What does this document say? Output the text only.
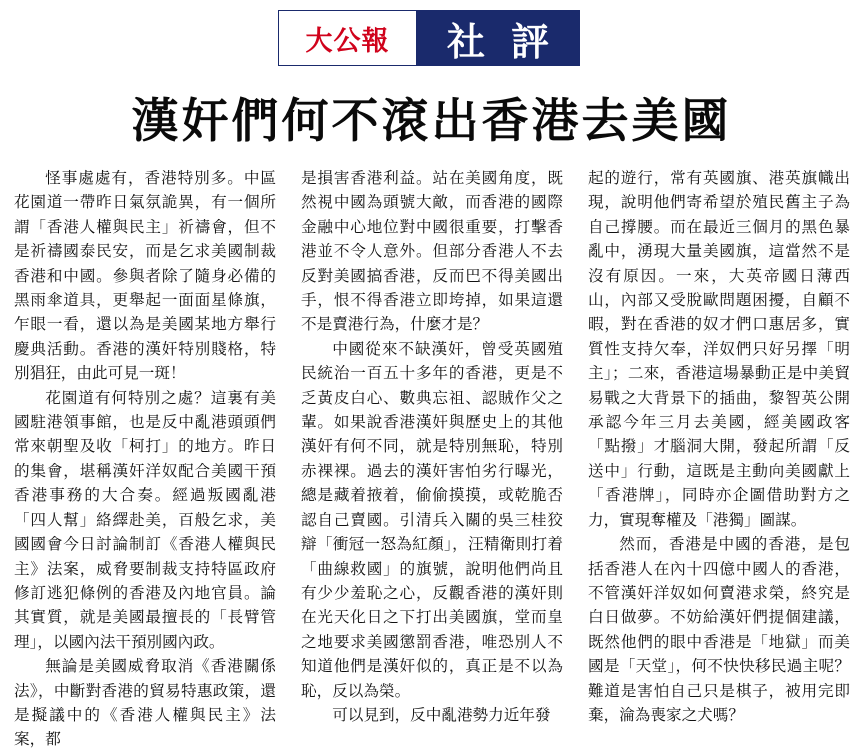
大公報	社評
漢奸們何不滾出香港去美國

怪事處處有，香港特別多。中區花園道一帶昨日氣氛詭異，有一個所謂「香港人權與民主」祈禱會，但不是祈禱國泰民安，而是乞求美國制裁香港和中國。參與者除了隨身必備的黑雨傘道具，更舉起一面面星條旗，乍眼一看，還以為是美國某地方舉行慶典活動。香港的漢奸特別賤格，特別猖狂，由此可見一斑！

花園道有何特別之處？這裏有美國駐港領事館，也是反中亂港頭頭們常來朝聖及收「柯打」的地方。昨日的集會，堪稱漢奸洋奴配合美國干預香港事務的大合奏。經過叛國亂港「四人幫」絡繹赴美，百般乞求，美國國會今日討論制訂《香港人權與民主》法案，威脅要制裁支持特區政府修訂逃犯條例的香港及內地官員。論其實質，就是美國最擅長的「長臂管理」，以國內法干預別國內政。

無論是美國威脅取消《香港關係法》，中斷對香港的貿易特惠政策，還是擬議中的《香港人權與民主》法案，都

是損害香港利益。站在美國角度，既然視中國為頭號大敵，而香港的國際金融中心地位對中國很重要，打擊香港並不令人意外。但部分香港人不去反對美國搞香港，反而巴不得美國出手，恨不得香港立即垮掉，如果這還不是賣港行為，什麼才是？

中國從來不缺漢奸，曾受英國殖民統治一百五十多年的香港，更是不乏黃皮白心、數典忘祖、認賊作父之輩。如果說香港漢奸與歷史上的其他漢奸有何不同，就是特別無恥，特別赤裸裸。過去的漢奸害怕劣行曝光，總是藏着掖着，偷偷摸摸，或乾脆否認自己賣國。引清兵入關的吳三桂狡辯「衝冠一怒為紅顏」，汪精衛則打着「曲線救國」的旗號，說明他們尚且有少少羞恥之心，反觀香港的漢奸則在光天化日之下打出美國旗，堂而皇之地要求美國懲罰香港，唯恐別人不知道他們是漢奸似的，真正是不以為恥，反以為榮。

可以見到，反中亂港勢力近年發

起的遊行，常有英國旗、港英旗幟出現，說明他們寄希望於殖民舊主子為自己撐腰。而在最近三個月的黑色暴亂中，湧現大量美國旗，這當然不是沒有原因。一來，大英帝國日薄西山，內部又受脫歐問題困擾，自顧不暇，對在香港的奴才們口惠居多，實質性支持欠奉，洋奴們只好另擇「明主」；二來，香港這場暴動正是中美貿易戰之大背景下的插曲，黎智英公開承認今年三月去美國，經美國政客「點撥」才腦洞大開，發起所謂「反送中」行動，這既是主動向美國獻上「香港牌」，同時亦企圖借助對方之力，實現奪權及「港獨」圖謀。

然而，香港是中國的香港，是包括香港人在內十四億中國人的香港，不管漢奸洋奴如何賣港求榮，終究是白日做夢。不妨給漢奸們提個建議，既然他們的眼中香港是「地獄」而美國是「天堂」，何不快快移民過主呢？難道是害怕自己只是棋子，被用完即棄，淪為喪家之犬嗎？
